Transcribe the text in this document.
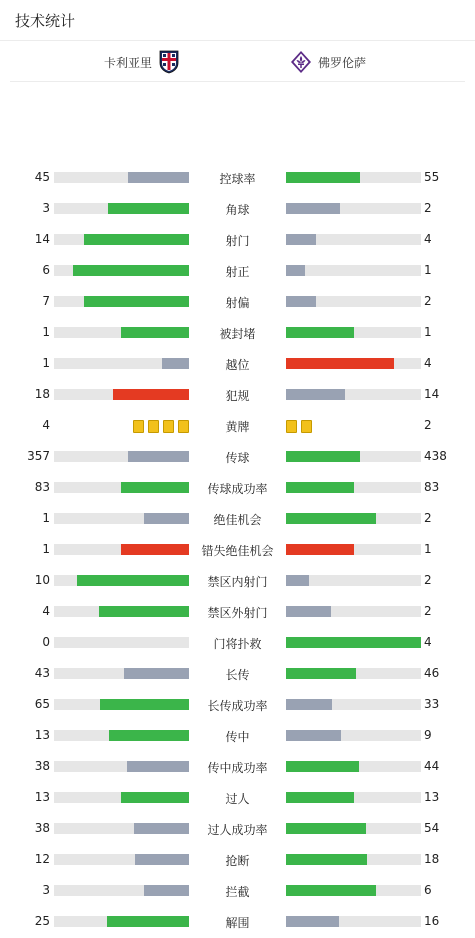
技术统计
卡利亚里	佛罗伦萨
45	控球率	55
3	角球	2
14	射门	4
6	射正	1
7	射偏	2
1	被封堵	1
1	越位	4
18	犯规	14
4	黄牌	2
357	传球	438
83	传球成功率	83
1	绝佳机会	2
1	错失绝佳机会	1
10	禁区内射门	2
4	禁区外射门	2
0	门将扑救	4
43	长传	46
65	长传成功率	33
13	传中	9
38	传中成功率	44
13	过人	13
38	过人成功率	54
12	抢断	18
3	拦截	6
25	解围	16
